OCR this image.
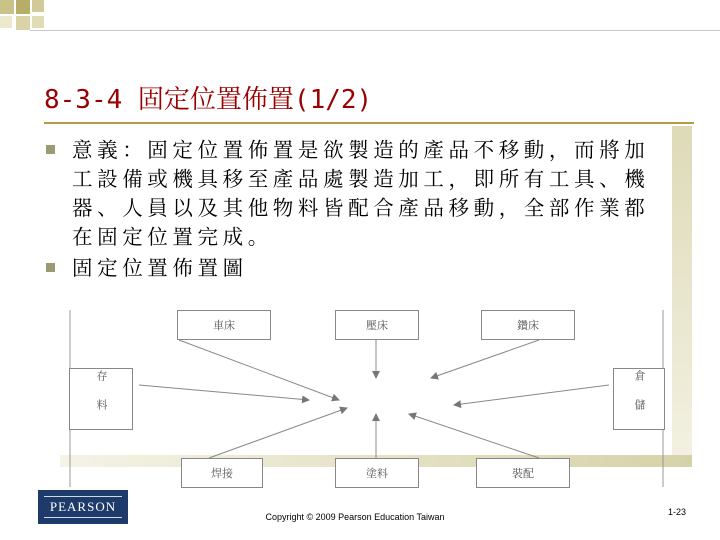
8-3-4 固定位置佈置(1/2)
意義：固定位置佈置是欲製造的產品不移動，而將加工設備或機具移至產品處製造加工，即所有工具、機器、人員以及其他物料皆配合產品移動，全部作業都在固定位置完成。
固定位置佈置圖
車床	壓床	鑽床
焊接	塗料	裝配
存料	倉儲
PEARSON
Copyright © 2009 Pearson Education Taiwan	1-23
